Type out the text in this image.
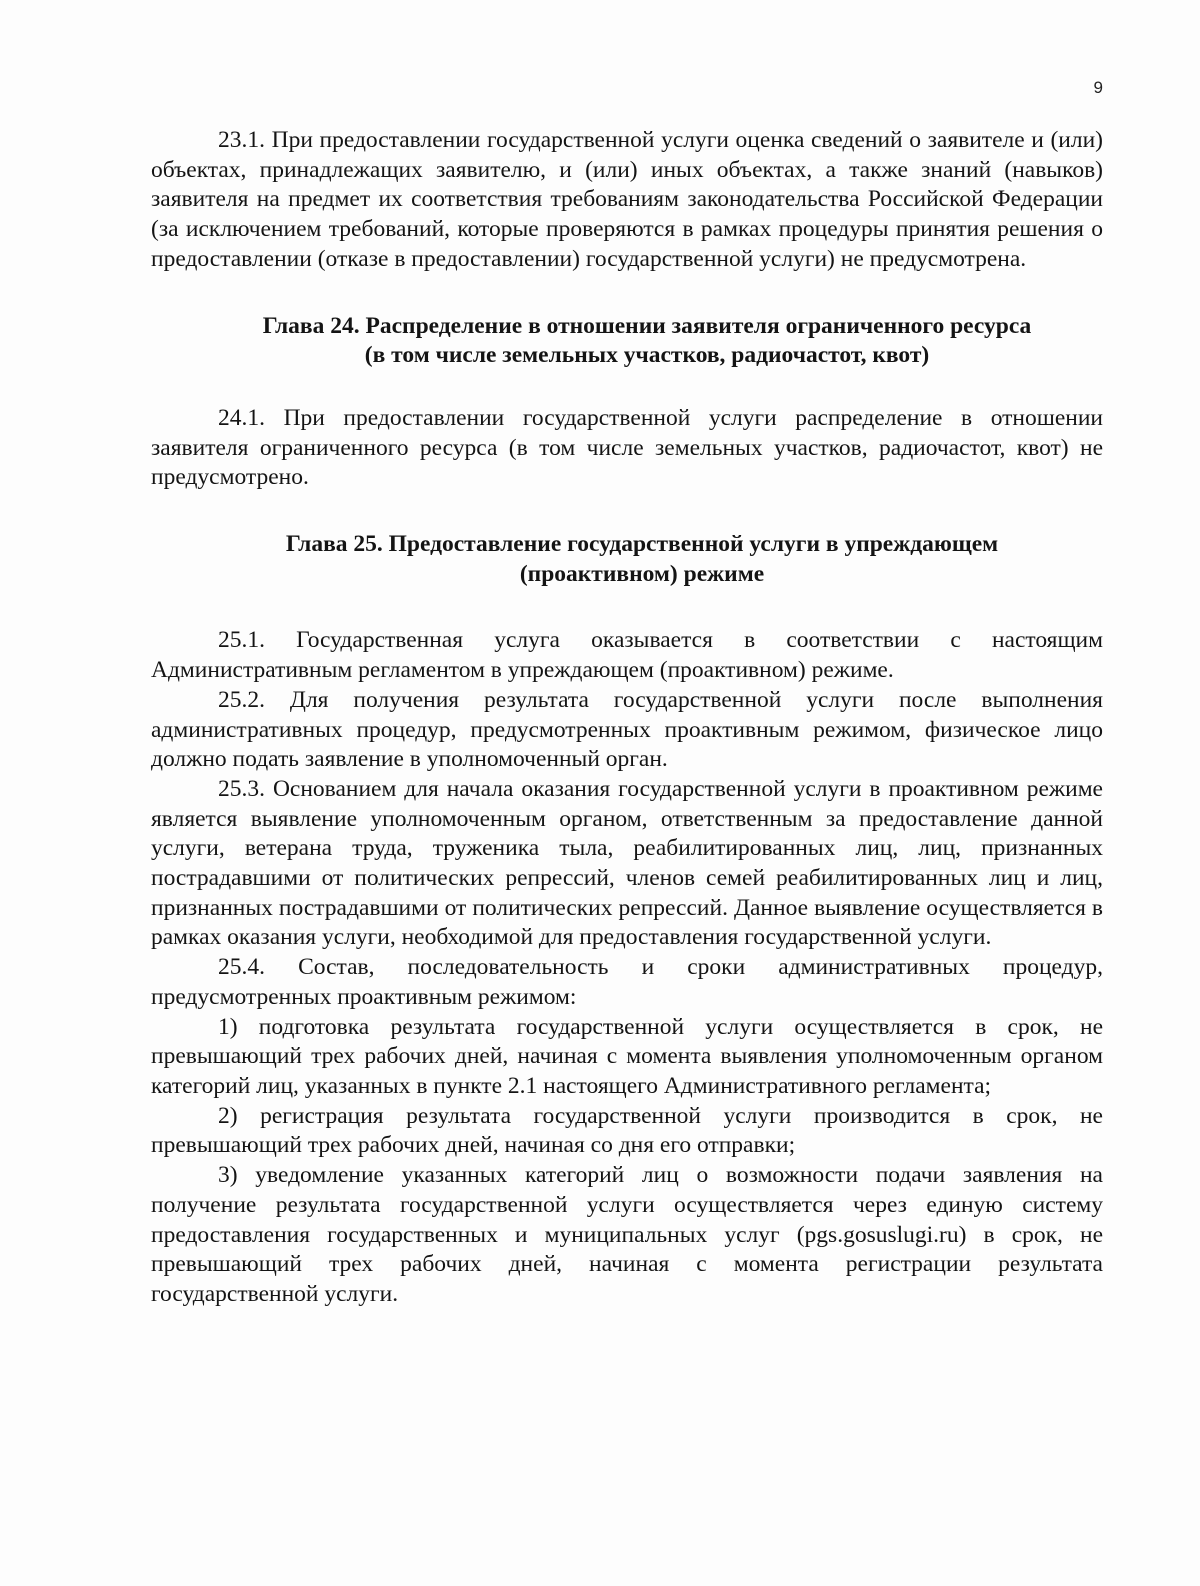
9

23.1. При предоставлении государственной услуги оценка сведений о заявителе и (или) объектах, принадлежащих заявителю, и (или) иных объектах, а также знаний (навыков) заявителя на предмет их соответствия требованиям законодательства Российской Федерации (за исключением требований, которые проверяются в рамках процедуры принятия решения о предоставлении (отказе в предоставлении) государственной услуги) не предусмотрена.

Глава 24. Распределение в отношении заявителя ограниченного ресурса
(в том числе земельных участков, радиочастот, квот)

24.1. При предоставлении государственной услуги распределение в отношении заявителя ограниченного ресурса (в том числе земельных участков, радиочастот, квот) не предусмотрено.

Глава 25. Предоставление государственной услуги в упреждающем
(проактивном) режиме

25.1. Государственная услуга оказывается в соответствии с настоящим Административным регламентом в упреждающем (проактивном) режиме.

25.2. Для получения результата государственной услуги после выполнения административных процедур, предусмотренных проактивным режимом, физическое лицо должно подать заявление в уполномоченный орган.

25.3. Основанием для начала оказания государственной услуги в проактивном режиме является выявление уполномоченным органом, ответственным за предоставление данной услуги, ветерана труда, труженика тыла, реабилитированных лиц, лиц, признанных пострадавшими от политических репрессий, членов семей реабилитированных лиц и лиц, признанных пострадавшими от политических репрессий. Данное выявление осуществляется в рамках оказания услуги, необходимой для предоставления государственной услуги.

25.4. Состав, последовательность и сроки административных процедур, предусмотренных проактивным режимом:

1) подготовка результата государственной услуги осуществляется в срок, не превышающий трех рабочих дней, начиная с момента выявления уполномоченным органом категорий лиц, указанных в пункте 2.1 настоящего Административного регламента;

2) регистрация результата государственной услуги производится в срок, не превышающий трех рабочих дней, начиная со дня его отправки;

3) уведомление указанных категорий лиц о возможности подачи заявления на получение результата государственной услуги осуществляется через единую систему предоставления государственных и муниципальных услуг (pgs.gosuslugi.ru) в срок, не превышающий трех рабочих дней, начиная с момента регистрации результата государственной услуги.
